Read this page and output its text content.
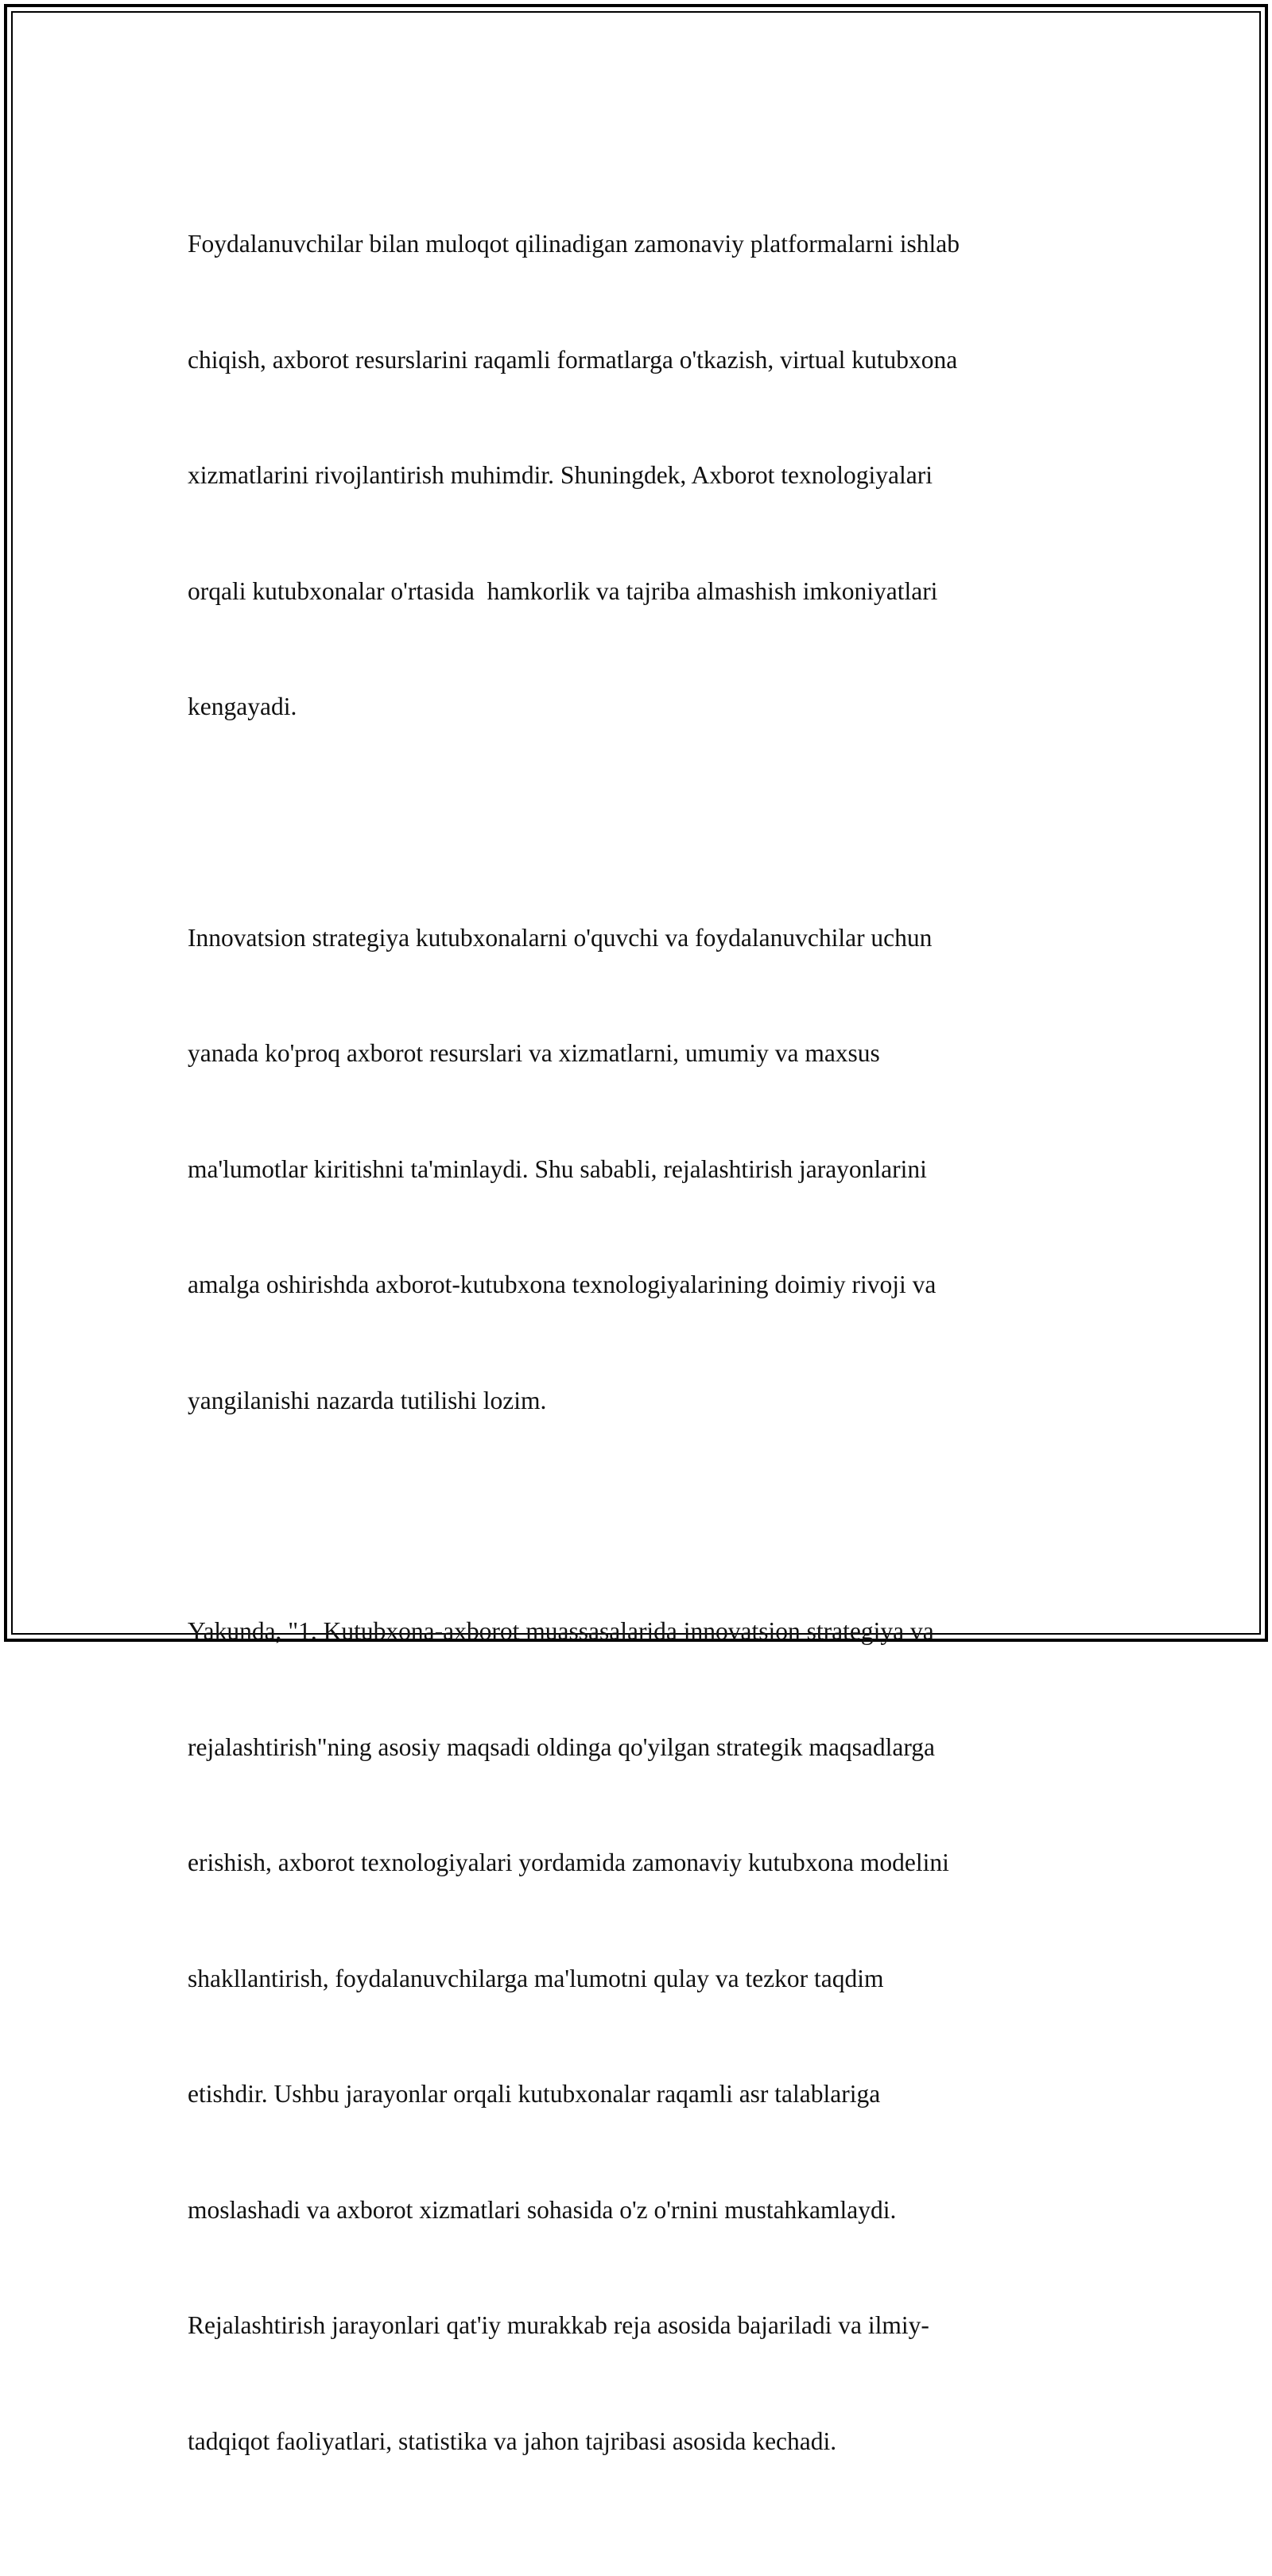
Foydalanuvchilar bilan muloqot qilinadigan zamonaviy platformalarni ishlab

chiqish, axborot resurslarini raqamli formatlarga o'tkazish, virtual kutubxona

xizmatlarini rivojlantirish muhimdir. Shuningdek, Axborot texnologiyalari

orqali kutubxonalar o'rtasida  hamkorlik va tajriba almashish imkoniyatlari

kengayadi.

Innovatsion strategiya kutubxonalarni o'quvchi va foydalanuvchilar uchun

yanada ko'proq axborot resurslari va xizmatlarni, umumiy va maxsus

ma'lumotlar kiritishni ta'minlaydi. Shu sababli, rejalashtirish jarayonlarini

amalga oshirishda axborot-kutubxona texnologiyalarining doimiy rivoji va

yangilanishi nazarda tutilishi lozim.

Yakunda, "1. Kutubxona-axborot muassasalarida innovatsion strategiya va

rejalashtirish"ning asosiy maqsadi oldinga qo'yilgan strategik maqsadlarga

erishish, axborot texnologiyalari yordamida zamonaviy kutubxona modelini

shakllantirish, foydalanuvchilarga ma'lumotni qulay va tezkor taqdim

etishdir. Ushbu jarayonlar orqali kutubxonalar raqamli asr talablariga

moslashadi va axborot xizmatlari sohasida o'z o'rnini mustahkamlaydi.

Rejalashtirish jarayonlari qat'iy murakkab reja asosida bajariladi va ilmiy-

tadqiqot faoliyatlari, statistika va jahon tajribasi asosida kechadi.
